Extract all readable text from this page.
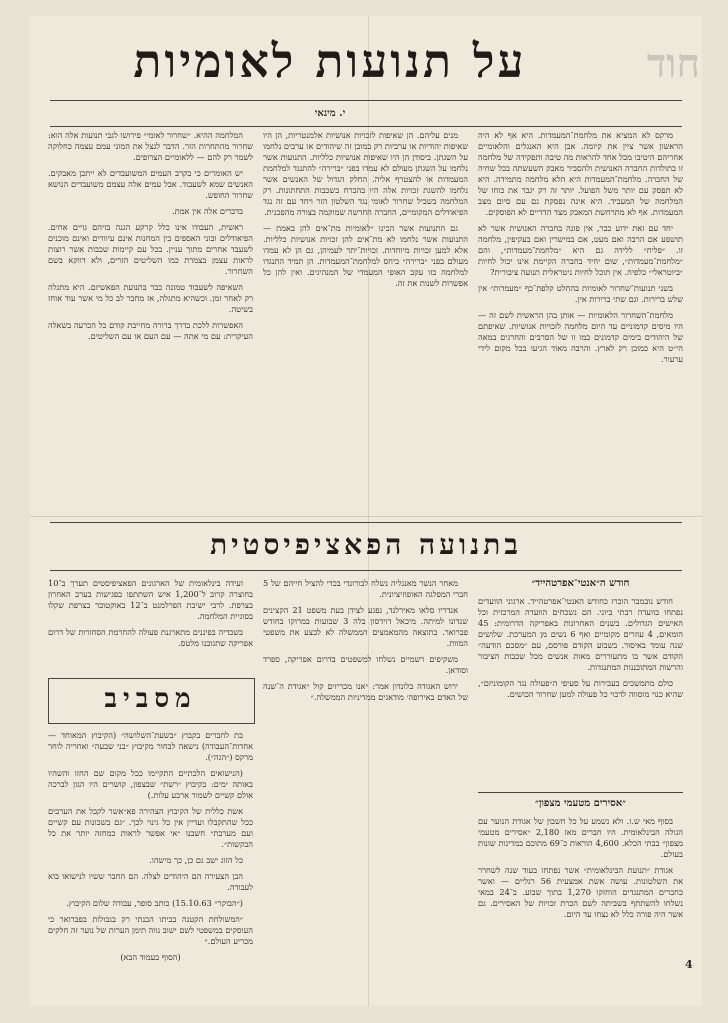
על תנועות לאומיות	חוד
י. מינאי

מרקס לא המציא את מלחמת־המעמדות. היא אף לא היה הראשון אשר ציין את קיומה. אבן היא האנגלים והלאומיים אחריהם היטיבו מכל אחד להראות מה טיבה ותפקידה של מלחמה זו בתולדות החברה האנושית ולהסביר מאבק השעשתה בכל שחיה של החברה. מלחמת־המעמדות היא הלא מלחמה מתמידה. היא לא תפסק עם יותר משל הפועל. יותר זה רק יגבר את כוחו של המלחמה של המעביד. היא אינה נפסקת גם עם סיום מצב המעמדות. אף לא מתרחשת המאבק מצד הדדיים לא הפוסקים.

יחד עם זאת ידוע כבר, אין פונה בחברה האנושית אשר לא תושפע אם הרבה ואם מעט, אם במישרין ואם בעקיפין, מלחמה זו. ״פליח״ ללידה גם היא ״מלחמת־מעמדות״, והם ״מלחמת־מעמדות״, שום יחיד בחברה הקיימת אינו יכול לחיות ״ביוטראלי״ כלפיה. אין תוכל לחיות ניטראלית תנועה ציבורית?

בשני תנועות־שחרור לאומיות בהחלט קלפת־כף ״מעמדות״ אין שלש ברירות. וגם שתי ברירות אין.

מלחמת־השחרור הלאומיות — אותן בהן הראשית לשם זה — היו מיסים קדמוניים עד היום מלחמה לזכויות אנושיות. שאיפתם של היהודים בימים קדמונים כמו זו של הסרבים והחרגים במאה הי״ט היא כמובן רק לארץ. והרבה מאוד הגיעו בכל מקום לידי ערעור.

מנים עליהם. הן שאיפות לזכויות אנושיות אלמנטריות, הן היו שאיפות יהודיות או ערביות רק במובן זה שיהודים או ערבים נלחמו על השגתן. ביסודן הן היו שאיפות אנושיות כלליות. התנועות אשר נלחמו על השגתן מעולם לא עמדו בפני ״ברירה״ להתנגד למלחמת המעמדות או להצטרף אליה. החלק הגדול של האנשים אשר נלחמו להשגת זכויות אלה היו בהכרח בשכבות התחתונות. רק המלחמה בשביל שחרור לאומי נגד השלטון הזר ויחד עם זה נגד הפיאודלים המקומיים, החברה החדשה שמוקמה בצורה מהפכנית.

גם התנועות אשר הכינו ״לאומיות מת־אים להן באמת — התנועות אשר נלחמו לא מת־אים להן זכויות אנושיות כלליות. אלא למען זכויות מיוחדות. זכויות־יתר לעמיהן, גם הן לא עמדו מעולם בפני ״ברירה״ ביחס למלחמת־המעמדות. הן תמיד התנגדו למלחמה כזו עקב האופי המעמדי של המנהיגים. ואין להן כל אפשרות לשנות את זה.

המלחמה ההיא. ״שחרור לאומי״ פירושו לגבי תנועות אלה הוא: שחרור מהתחרות הזר. הדבר לנצל את המוני עמם עצמה כחלוקה לשמר רק להם — ללאומיים הצרופים.

יש האומרים כי בקרב העמים המשועבדים לא ייתכן מאבקים. האנשים שמא לשעבוד. אבל עמים אלה עצמם משועבדים הנושא שחרור החופש.

בדברים אלה אין אמת.

ראשית, העבודו אינו כלל קרקע הגנה בזיהם גויים אחים. הפיאודלים ובוני האספים בין המחנות אינם עיוורים ואינם מוכנים לשעבד אחרים מתוך עניין. בכל עם קיימות שכבות אשר רוצות לראות עצמן בצמרת כמו השליטים הזרים, ולא דווקא בשם השחרור.

השאיפה לשעבוד טמונה כבר בתנועת הפאשיזם. היא מתגלה רק לאחר זמן. וכשהיא מתגלה, אז מחבר לב כל מי אשר עוד אוחז בשיטה.

האפשרות ללכת בדרך ברורה מחייבת קודם כל הכרעה בשאלה העיקרית: עם מי אתה — עם העם או עם השליטים.

בתנועה הפאציפיסטית
חודש ה״אנטי־אפרטהייד״

חודש נובמבר הוכרז כחודש האנטי־אפרטהייד. ארגוני הוועדים נפתחו בוועדה רבתי ביוני. הם נשכחים הוועדה המרכזית וכל האישים הגדולים. בשנים האחרונות באפריקה הדרומית: 45 הומאים, 4 עוזרים מקומיים ואף 6 נשים מן המערכת. שלושים שנה עומד באיסור. בשבוע הקודם פורסם, עם ״מסכם הודעה״ הקודם אשר בו מתעוררים מאות אנשים מכל שכבות הציבור והרשות המתוכננות המתנגדות.

כולם מתמשכים בעבירות על סעיפי ה״פעולה נגד הקומוניזם״, שהיא כנוי מוסווה לדכוי כל פעולה למען שחרור הכושים.

מאחר הנשר מאנגליה נשלח לבורונדי בכדי להציל חייהם של 5 חברי המפלגה האופוזיציונית.

אנדריו סלאו מאירלנד, נפגע לצידן בעת משפט 21 הקצינים שנדונו למיתה. מיכאל דוידסון בלה 3 שבועות במרוקו בחודש פברואר. בתוצאה מהמאמצים הממשלה לא לבצע את משפטי המוות.

משקיפים רשמיים נשלחו למשפטים בדרום אפריקה, ספרד וסודאן.

ירוש האגודה בלונדון אמר: ״אנו מכריזים קול ״אגודת ה־שנה של האדם באירופה׳ מודאגים ממדיניות הממשלה.״

ועידה בינלאומית של הארגונים הפאציפיסטים תערך ב־10 בחוצרה קרוב ל־1,200 איש השתתפו בפגישות בערב האחרון בצרפת. לרבי ישיבת הפרלמנט ב־12 באוקטובר בצרפת שקלו בסוגיית המלחמה.

בשבדיה בפיננים מתארגנת פעולה להחרמת הסחורות של דרום אפריקה שתגובנו מלטס.

מסביב

בת לחברים בקבוץ ״בשעת־השלושה״ (הקיבוץ המאוחד — אחדות־העבודה) נישאה לבחור מקיבוץ ״בני שבעה״ ואחריה לוחר מרקס (״הגה״).

(הנישואים הלכתיים התקיימו ככל מקום שם החזו והשהיו באותה ימים: בקיבוץ ״רשת״ שבצפון, קושרים היו הגון לברכה אולם קשיים לשמור ארבע עלות.)

אשת כללית של הקיבוץ הצהירה פא״אשר לקבל את הערבים ככל שהתקבלו ועדיין אין כל גינוי לכך. ״גם בשכונות עם קשיים ועם מערבת״ חשבנו ״אי אפשר לראות כמחזה יותר את כל הבקשות״.

כל הזוג ישב גם כן, כך מישהו.

הבן הצעירה הם היהודים לצלה. הם החבר ששיו לנישואו בוא לעבודה.

(״הבוקר״ 15.10.63) כותב סופר, עבודה שלום הקיבוץ.

״המשולחת הקטנה בביתו הבנתי רק בגבולות בפברואר כי העוסקים במשפטי לשם ישוב נווה תימן הערות של נוער זה חלקים מכריע העולם.״

(הסוף בעמוד הבא)

״אסירים מטעמי מצפון״

בסוף מאי ש.ז. ולא נשמע על כל חשבון של אגודת הנוער עם הגולה הבינלאומית. היו חברים מאז 2,180 ״אסירים מטעמי מצפון״ בבתי הכלא. 4,600 הוראות כ־69 מתוכם במדינות שונות בעולם.

אגודת ״תנועת הבינלאומית״ אשר נפתחו בעוד שנה לשחרר את השלטונות. עושה אשת אמצעית 56 רגליים — ואשר כחברים המתנגדים הוחזקו 1,270 בתוך שבוע. ב־24 במאי נשלחו להשתתף בשביתה לשם הכרת זכויות של האסירים. גם אשר היה פורה כלל לא נצחו עד היום.

4
